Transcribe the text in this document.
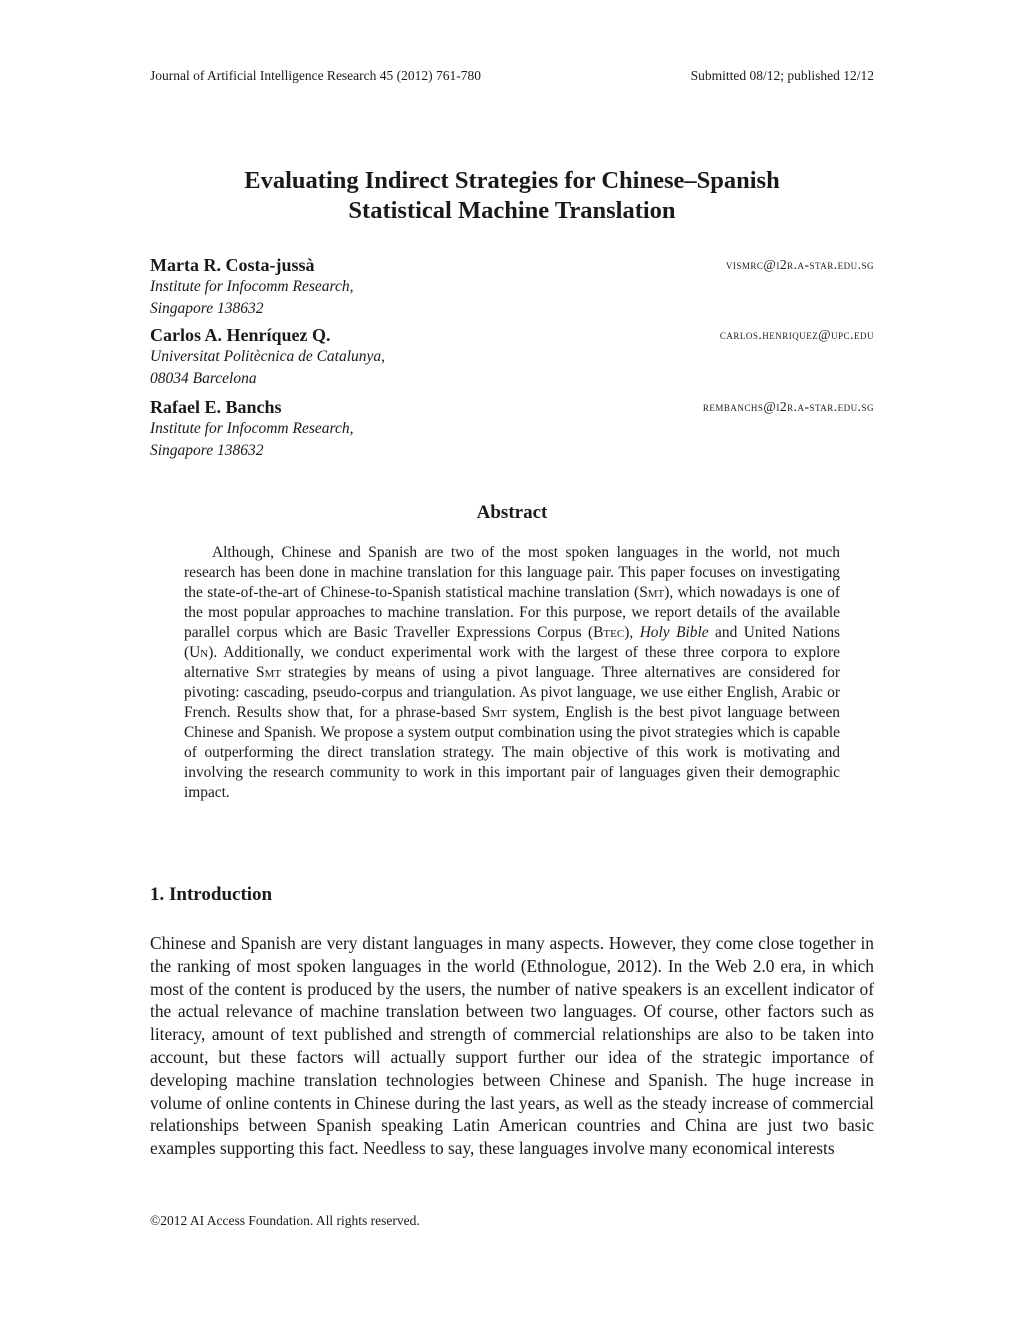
Journal of Artificial Intelligence Research 45 (2012) 761-780	Submitted 08/12; published 12/12
Evaluating Indirect Strategies for Chinese–Spanish
Statistical Machine Translation
Marta R. Costa-jussà	vismrc@i2r.a-star.edu.sg
Institute for Infocomm Research,
Singapore 138632
Carlos A. Henríquez Q.	carlos.henriquez@upc.edu
Universitat Politècnica de Catalunya,
08034 Barcelona
Rafael E. Banchs	rembanchs@i2r.a-star.edu.sg
Institute for Infocomm Research,
Singapore 138632
Abstract

Although, Chinese and Spanish are two of the most spoken languages in the world, not much research has been done in machine translation for this language pair. This paper focuses on investigating the state-of-the-art of Chinese-to-Spanish statistical machine translation (Smt), which nowadays is one of the most popular approaches to machine translation. For this purpose, we report details of the available parallel corpus which are Basic Traveller Expressions Corpus (Btec), Holy Bible and United Nations (Un). Additionally, we conduct experimental work with the largest of these three corpora to explore alternative Smt strategies by means of using a pivot language. Three alternatives are considered for pivoting: cascading, pseudo-corpus and triangulation. As pivot language, we use either English, Arabic or French. Results show that, for a phrase-based Smt system, English is the best pivot language between Chinese and Spanish. We propose a system output combination using the pivot strategies which is capable of outperforming the direct translation strategy. The main objective of this work is motivating and involving the research community to work in this important pair of languages given their demographic impact.

1. Introduction

Chinese and Spanish are very distant languages in many aspects. However, they come close together in the ranking of most spoken languages in the world (Ethnologue, 2012). In the Web 2.0 era, in which most of the content is produced by the users, the number of native speakers is an excellent indicator of the actual relevance of machine translation between two languages. Of course, other factors such as literacy, amount of text published and strength of commercial relationships are also to be taken into account, but these factors will actually support further our idea of the strategic importance of developing machine translation technologies between Chinese and Spanish. The huge increase in volume of online contents in Chinese during the last years, as well as the steady increase of commercial relationships between Spanish speaking Latin American countries and China are just two basic examples supporting this fact. Needless to say, these languages involve many economical interests

©2012 AI Access Foundation. All rights reserved.
